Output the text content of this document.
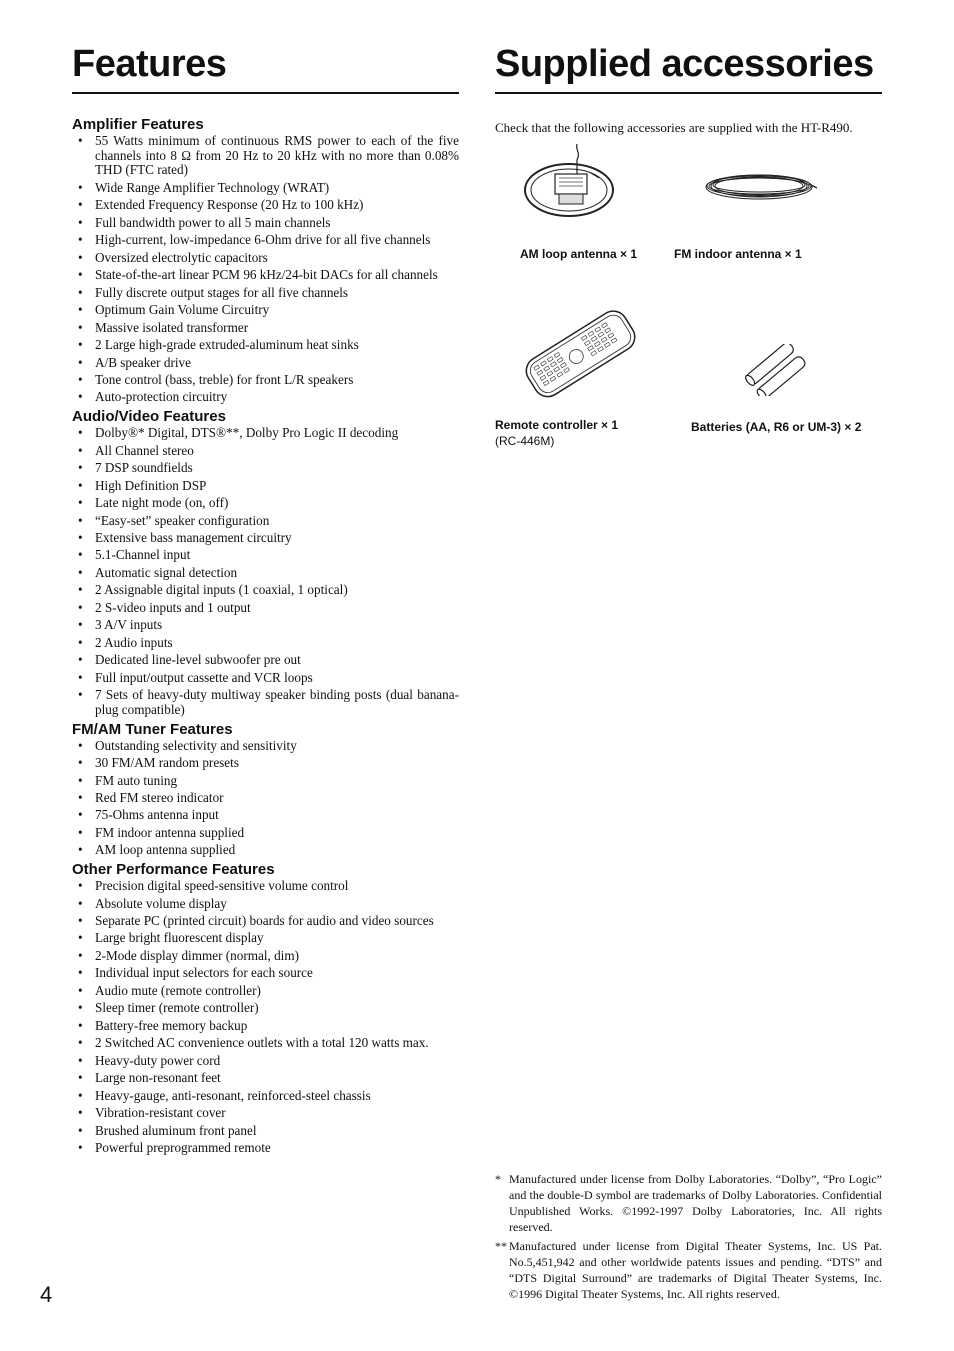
Features
Amplifier Features
• 55 Watts minimum of continuous RMS power to each of the five channels into 8 Ω from 20 Hz to 20 kHz with no more than 0.08% THD (FTC rated)
• Wide Range Amplifier Technology (WRAT)
• Extended Frequency Response (20 Hz to 100 kHz)
• Full bandwidth power to all 5 main channels
• High-current, low-impedance 6-Ohm drive for all five channels
• Oversized electrolytic capacitors
• State-of-the-art linear PCM 96 kHz/24-bit DACs for all channels
• Fully discrete output stages for all five channels
• Optimum Gain Volume Circuitry
• Massive isolated transformer
• 2 Large high-grade extruded-aluminum heat sinks
• A/B speaker drive
• Tone control (bass, treble) for front L/R speakers
• Auto-protection circuitry
Audio/Video Features
• Dolby®* Digital, DTS®**, Dolby Pro Logic II decoding
• All Channel stereo
• 7 DSP soundfields
• High Definition DSP
• Late night mode (on, off)
• “Easy-set” speaker configuration
• Extensive bass management circuitry
• 5.1-Channel input
• Automatic signal detection
• 2 Assignable digital inputs (1 coaxial, 1 optical)
• 2 S-video inputs and 1 output
• 3 A/V inputs
• 2 Audio inputs
• Dedicated line-level subwoofer pre out
• Full input/output cassette and VCR loops
• 7 Sets of heavy-duty multiway speaker binding posts (dual banana-plug compatible)
FM/AM Tuner Features
• Outstanding selectivity and sensitivity
• 30 FM/AM random presets
• FM auto tuning
• Red FM stereo indicator
• 75-Ohms antenna input
• FM indoor antenna supplied
• AM loop antenna supplied
Other Performance Features
• Precision digital speed-sensitive volume control
• Absolute volume display
• Separate PC (printed circuit) boards for audio and video sources
• Large bright fluorescent display
• 2-Mode display dimmer (normal, dim)
• Individual input selectors for each source
• Audio mute (remote controller)
• Sleep timer (remote controller)
• Battery-free memory backup
• 2 Switched AC convenience outlets with a total 120 watts max.
• Heavy-duty power cord
• Large non-resonant feet
• Heavy-gauge, anti-resonant, reinforced-steel chassis
• Vibration-resistant cover
• Brushed aluminum front panel
• Powerful preprogrammed remote
Supplied accessories

Check that the following accessories are supplied with the HT-R490.

AM loop antenna × 1	FM indoor antenna × 1
Remote controller × 1
(RC-446M)
Batteries (AA, R6 or UM-3) × 2
* Manufactured under license from Dolby Laboratories. “Dolby”, “Pro Logic” and the double-D symbol are trademarks of Dolby Laboratories. Confidential Unpublished Works. ©1992-1997 Dolby Laboratories, Inc. All rights reserved.
** Manufactured under license from Digital Theater Systems, Inc. US Pat. No.5,451,942 and other worldwide patents issues and pending. “DTS” and “DTS Digital Surround” are trademarks of Digital Theater Systems, Inc. ©1996 Digital Theater Systems, Inc. All rights reserved.
4
